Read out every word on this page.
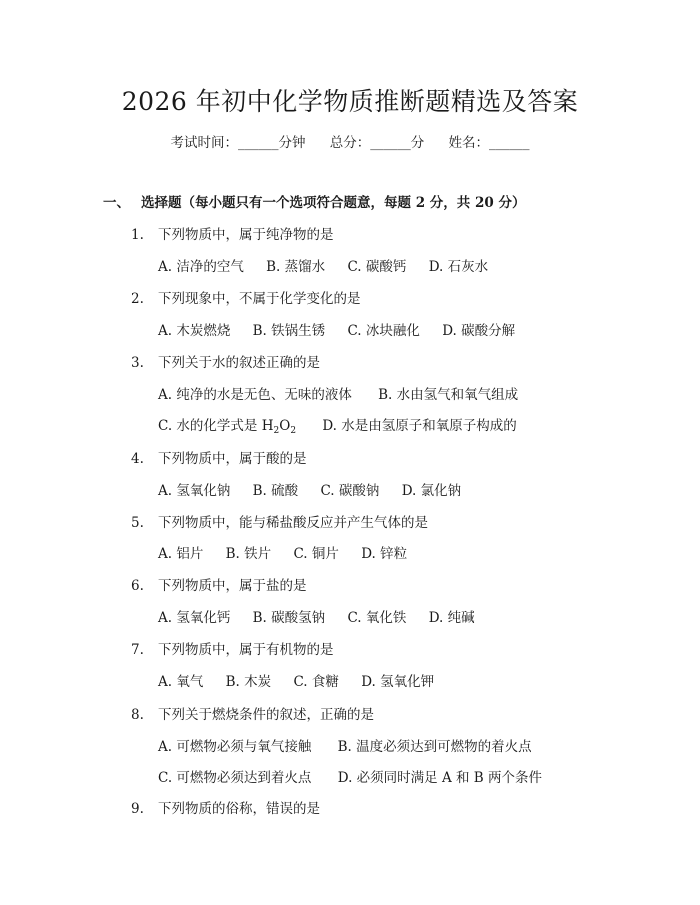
2026 年初中化学物质推断题精选及答案
考试时间：______分钟 总分：______分 姓名：______
一、 选择题（每小题只有一个选项符合题意，每题 2 分，共 20 分）
1. 下列物质中，属于纯净物的是
A. 洁净的空气 B. 蒸馏水 C. 碳酸钙 D. 石灰水
2. 下列现象中，不属于化学变化的是
A. 木炭燃烧 B. 铁锅生锈 C. 冰块融化 D. 碳酸分解
3. 下列关于水的叙述正确的是
A. 纯净的水是无色、无味的液体 B. 水由氢气和氧气组成
C. 水的化学式是 $H_2O_2$ D. 水是由氢原子和氧原子构成的
4. 下列物质中，属于酸的是
A. 氢氧化钠 B. 硫酸 C. 碳酸钠 D. 氯化钠
5. 下列物质中，能与稀盐酸反应并产生气体的是
A. 铝片 B. 铁片 C. 铜片 D. 锌粒
6. 下列物质中，属于盐的是
A. 氢氧化钙 B. 碳酸氢钠 C. 氧化铁 D. 纯碱
7. 下列物质中，属于有机物的是
A. 氧气 B. 木炭 C. 食糖 D. 氢氧化钾
8. 下列关于燃烧条件的叙述，正确的是
A. 可燃物必须与氧气接触 B. 温度必须达到可燃物的着火点
C. 可燃物必须达到着火点 D. 必须同时满足 A 和 B 两个条件
9. 下列物质的俗称，错误的是
